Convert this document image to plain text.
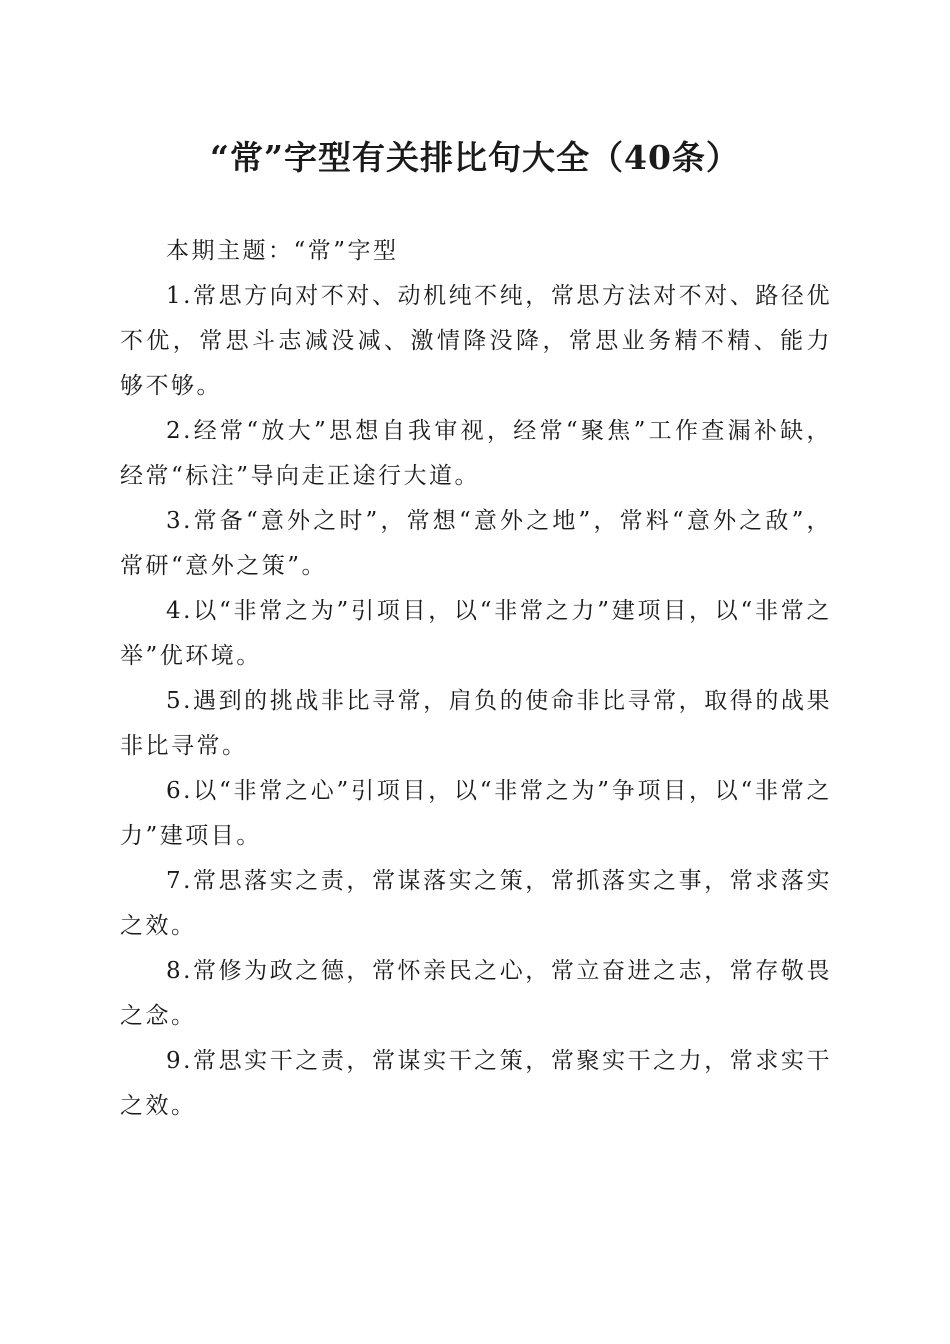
“常”字型有关排比句大全（40条）

本期主题：“常”字型

1.常思方向对不对、动机纯不纯，常思方法对不对、路径优不优，常思斗志减没减、激情降没降，常思业务精不精、能力够不够。

2.经常“放大”思想自我审视，经常“聚焦”工作查漏补缺，经常“标注”导向走正途行大道。

3.常备“意外之时”，常想“意外之地”，常料“意外之敌”，常研“意外之策”。

4.以“非常之为”引项目，以“非常之力”建项目，以“非常之举”优环境。

5.遇到的挑战非比寻常，肩负的使命非比寻常，取得的战果非比寻常。

6.以“非常之心”引项目，以“非常之为”争项目，以“非常之力”建项目。

7.常思落实之责，常谋落实之策，常抓落实之事，常求落实之效。

8.常修为政之德，常怀亲民之心，常立奋进之志，常存敬畏之念。

9.常思实干之责，常谋实干之策，常聚实干之力，常求实干之效。
